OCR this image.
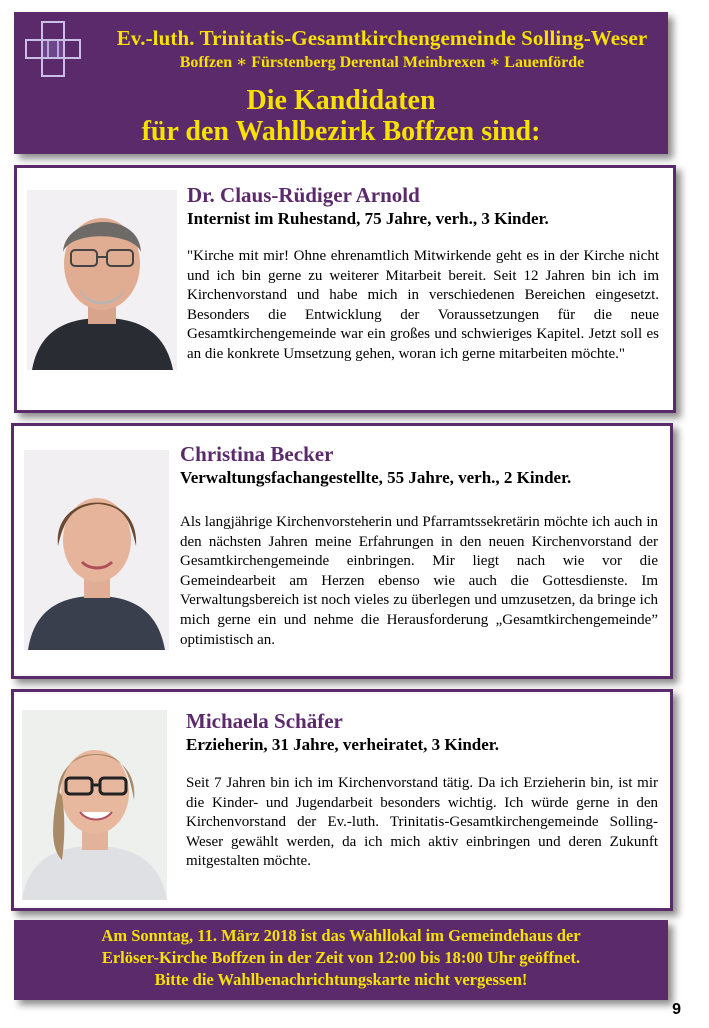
Ev.-luth. Trinitatis-Gesamtkirchengemeinde Solling-Weser
Boffzen ∗ Fürstenberg Derental Meinbrexen ∗ Lauenförde
Die Kandidaten
für den Wahlbezirk Boffzen sind:
Dr. Claus-Rüdiger Arnold
Internist im Ruhestand, 75 Jahre, verh., 3 Kinder.
"Kirche mit mir! Ohne ehrenamtlich Mitwirkende geht es in der Kirche nicht und ich bin gerne zu weiterer Mitarbeit bereit. Seit 12 Jahren bin ich im Kirchenvorstand und habe mich in verschiedenen Bereichen eingesetzt. Besonders die Entwicklung der Voraussetzungen für die neue Gesamtkirchengemeinde war ein großes und schwieriges Kapitel. Jetzt soll es an die konkrete Umsetzung gehen, woran ich gerne mitarbeiten möchte."
Christina Becker
Verwaltungsfachangestellte, 55 Jahre, verh., 2 Kinder.
Als langjährige Kirchenvorsteherin und Pfarramtssekretärin möchte ich auch in den nächsten Jahren meine Erfahrungen in den neuen Kirchenvorstand der Gesamtkirchengemeinde einbringen. Mir liegt nach wie vor die Gemeindearbeit am Herzen ebenso wie auch die Gottesdienste. Im Verwaltungsbereich ist noch vieles zu überlegen und umzusetzen, da bringe ich mich gerne ein und nehme die Herausforderung „Gesamtkirchengemeinde” optimistisch an.
Michaela Schäfer
Erzieherin, 31 Jahre, verheiratet, 3 Kinder.
Seit 7 Jahren bin ich im Kirchenvorstand tätig. Da ich Erzieherin bin, ist mir die Kinder- und Jugendarbeit besonders wichtig. Ich würde gerne in den Kirchenvorstand der Ev.-luth. Trinitatis-Gesamtkirchengemeinde Solling-Weser gewählt werden, da ich mich aktiv einbringen und deren Zukunft mitgestalten möchte.
Am Sonntag, 11. März 2018 ist das Wahllokal im Gemeindehaus der
Erlöser-Kirche Boffzen in der Zeit von 12:00 bis 18:00 Uhr geöffnet.
Bitte die Wahlbenachrichtungskarte nicht vergessen!
9
